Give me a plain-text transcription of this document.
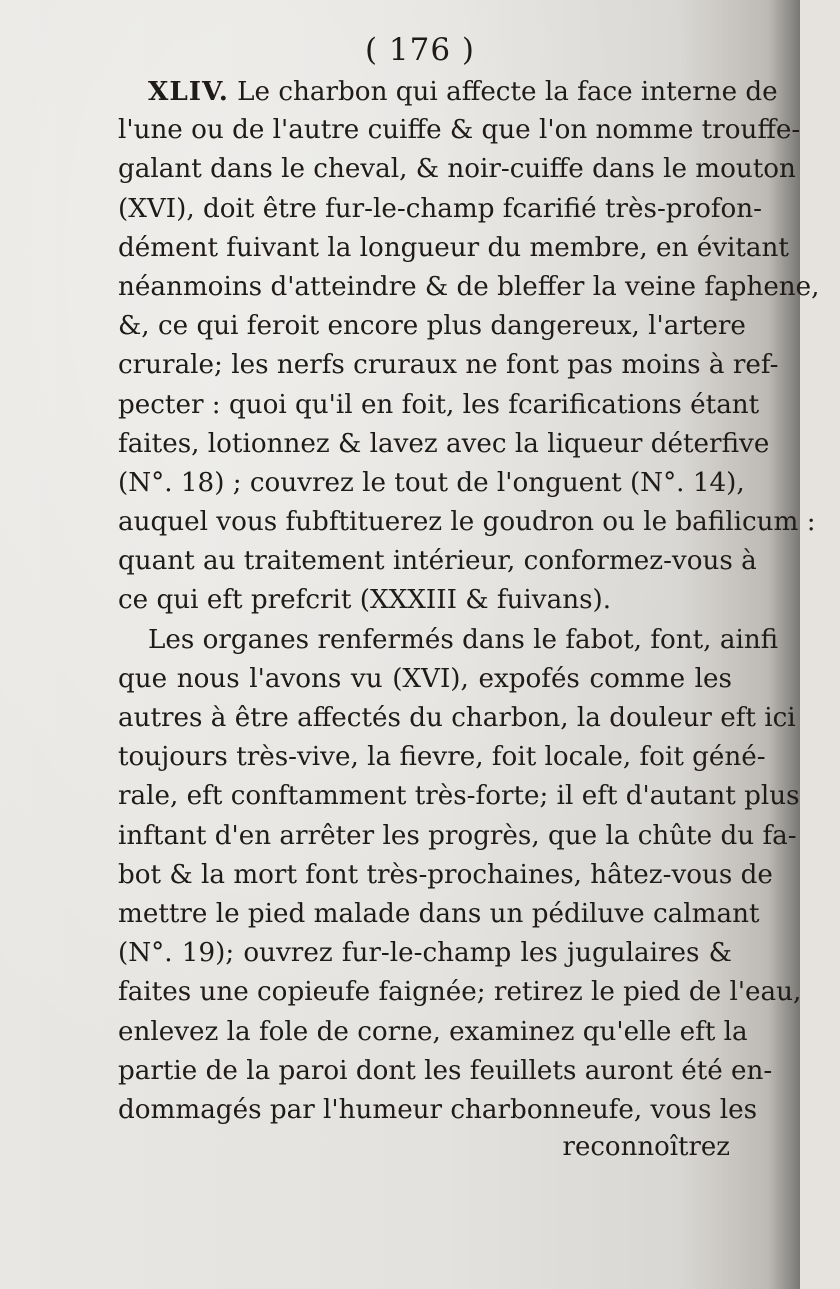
( 176 )
XLIV. Le charbon qui affecte la face interne de
l'une ou de l'autre cuiffe & que l'on nomme trouffe-
galant dans le cheval, & noir-cuiffe dans le mouton
(XVI), doit être fur-le-champ fcarifié très-profon-
dément fuivant la longueur du membre, en évitant
néanmoins d'atteindre & de bleffer la veine faphene,
&, ce qui feroit encore plus dangereux, l'artere
crurale; les nerfs cruraux ne font pas moins à ref-
pecter : quoi qu'il en foit, les fcarifications étant
faites, lotionnez & lavez avec la liqueur déterfive
(N°. 18) ; couvrez le tout de l'onguent (N°. 14),
auquel vous fubftituerez le goudron ou le bafilicum :
quant au traitement intérieur, conformez-vous à
ce qui eft prefcrit (XXXIII & fuivans).
Les organes renfermés dans le fabot, font, ainfi
que nous l'avons vu (XVI), expofés comme les
autres à être affectés du charbon, la douleur eft ici
toujours très-vive, la fievre, foit locale, foit géné-
rale, eft conftamment très-forte; il eft d'autant plus
inftant d'en arrêter les progrès, que la chûte du fa-
bot & la mort font très-prochaines, hâtez-vous de
mettre le pied malade dans un pédiluve calmant
(N°. 19); ouvrez fur-le-champ les jugulaires &
faites une copieufe faignée; retirez le pied de l'eau,
enlevez la fole de corne, examinez qu'elle eft la
partie de la paroi dont les feuillets auront été en-
dommagés par l'humeur charbonneufe, vous les
reconnoîtrez
